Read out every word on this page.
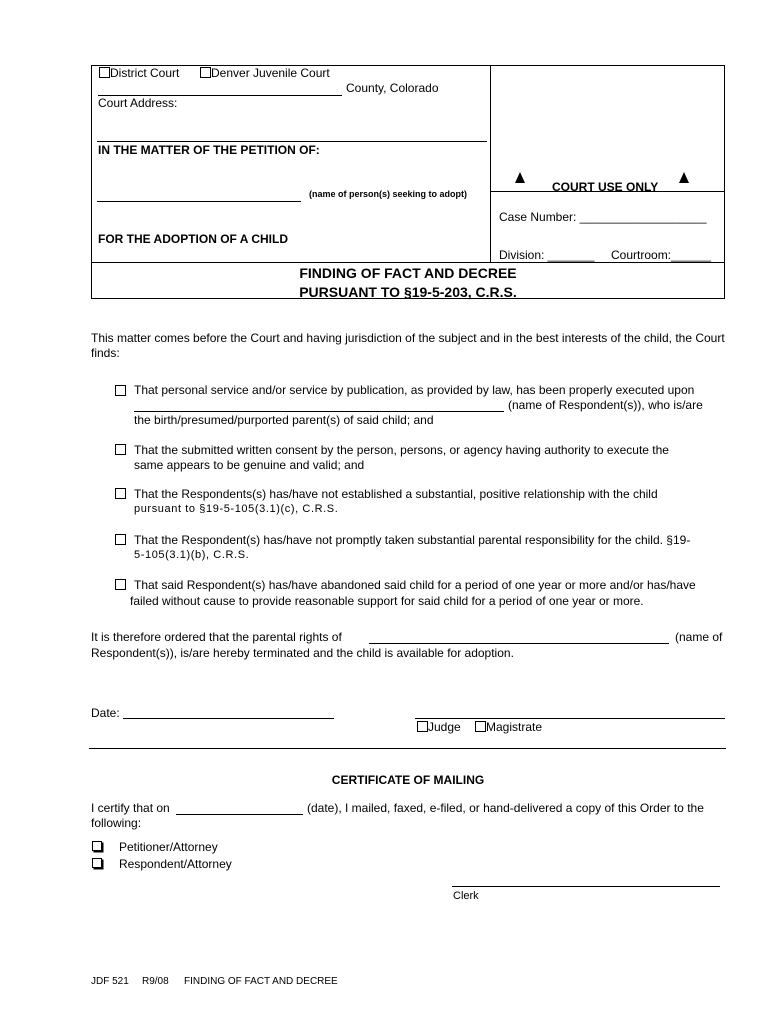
District Court	Denver Juvenile Court
County, Colorado
Court Address:
IN THE MATTER OF THE PETITION OF:
(name of person(s) seeking to adopt)
FOR THE ADOPTION OF A CHILD
COURT USE ONLY
Case Number: ___________________
Division: _______ Courtroom:______
FINDING OF FACT AND DECREE
PURSUANT TO §19-5-203, C.R.S.
This matter comes before the Court and having jurisdiction of the subject and in the best interests of the child, the Court finds:
That personal service and/or service by publication, as provided by law, has been properly executed upon
(name of Respondent(s)), who is/are
the birth/presumed/purported parent(s) of said child; and
That the submitted written consent by the person, persons, or agency having authority to execute the
same appears to be genuine and valid; and
That the Respondents(s) has/have not established a substantial, positive relationship with the child
pursuant to §19-5-105(3.1)(c), C.R.S.
That the Respondent(s) has/have not promptly taken substantial parental responsibility for the child. §19-
5-105(3.1)(b), C.R.S.
That said Respondent(s) has/have abandoned said child for a period of one year or more and/or has/have
failed without cause to provide reasonable support for said child for a period of one year or more.
It is therefore ordered that the parental rights of	(name of
Respondent(s)), is/are hereby terminated and the child is available for adoption.
Date:
Judge	Magistrate
CERTIFICATE OF MAILING
I certify that on	(date), I mailed, faxed, e-filed, or hand-delivered a copy of this Order to the
following:
Petitioner/Attorney
Respondent/Attorney
Clerk
JDF 521 R9/08 FINDING OF FACT AND DECREE
